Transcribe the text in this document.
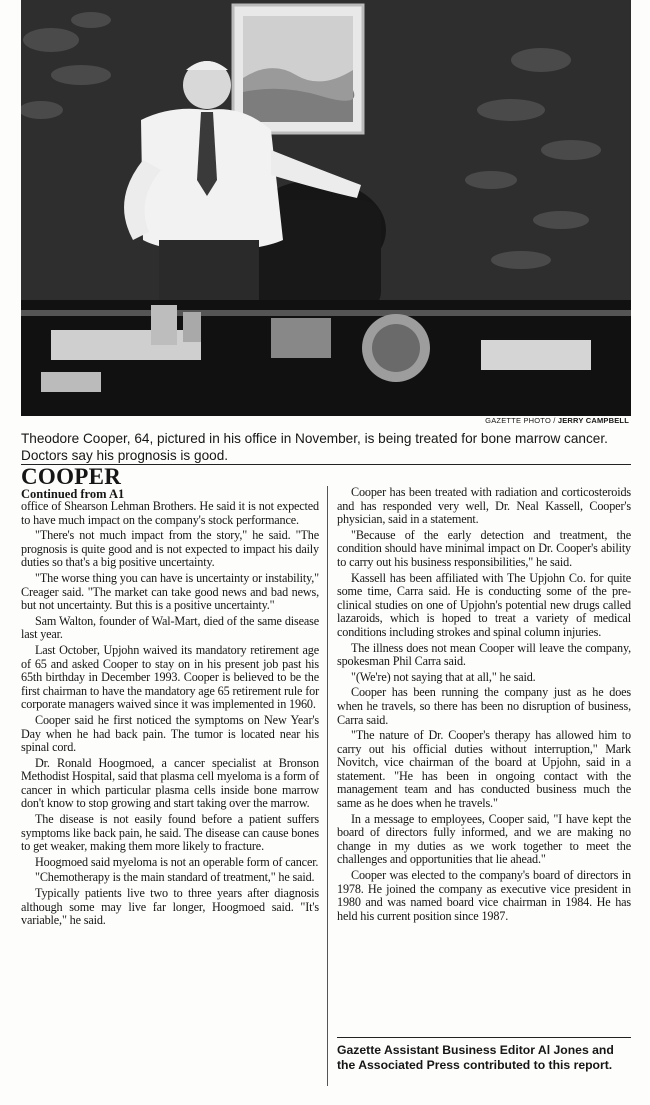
GAZETTE PHOTO / JERRY CAMPBELL
Theodore Cooper, 64, pictured in his office in November, is being treated for bone marrow cancer. Doctors say his prognosis is good.
COOPER
Continued from A1

office of Shearson Lehman Brothers. He said it is not expected to have much impact on the company's stock performance.

"There's not much impact from the story," he said. "The prognosis is quite good and is not expected to impact his daily duties so that's a big positive uncertainty.

"The worse thing you can have is uncertainty or instability," Creager said. "The market can take good news and bad news, but not uncertainty. But this is a positive uncertainty."

Sam Walton, founder of Wal-Mart, died of the same disease last year.

Last October, Upjohn waived its mandatory retirement age of 65 and asked Cooper to stay on in his present job past his 65th birthday in December 1993. Cooper is believed to be the first chairman to have the mandatory age 65 retirement rule for corporate managers waived since it was implemented in 1960.

Cooper said he first noticed the symptoms on New Year's Day when he had back pain. The tumor is located near his spinal cord.

Dr. Ronald Hoogmoed, a cancer specialist at Bronson Methodist Hospital, said that plasma cell myeloma is a form of cancer in which particular plasma cells inside bone marrow don't know to stop growing and start taking over the marrow.

The disease is not easily found before a patient suffers symptoms like back pain, he said. The disease can cause bones to get weaker, making them more likely to fracture.

Hoogmoed said myeloma is not an operable form of cancer.

"Chemotherapy is the main standard of treatment," he said.

Typically patients live two to three years after diagnosis although some may live far longer, Hoogmoed said. "It's variable," he said.

Cooper has been treated with radiation and corticosteroids and has responded very well, Dr. Neal Kassell, Cooper's physician, said in a statement.

"Because of the early detection and treatment, the condition should have minimal impact on Dr. Cooper's ability to carry out his business responsibilities," he said.

Kassell has been affiliated with The Upjohn Co. for quite some time, Carra said. He is conducting some of the pre-clinical studies on one of Upjohn's potential new drugs called lazaroids, which is hoped to treat a variety of medical conditions including strokes and spinal column injuries.

The illness does not mean Cooper will leave the company, spokesman Phil Carra said.

"(We're) not saying that at all," he said.

Cooper has been running the company just as he does when he travels, so there has been no disruption of business, Carra said.

"The nature of Dr. Cooper's therapy has allowed him to carry out his official duties without interruption," Mark Novitch, vice chairman of the board at Upjohn, said in a statement. "He has been in ongoing contact with the management team and has conducted business much the same as he does when he travels."

In a message to employees, Cooper said, "I have kept the board of directors fully informed, and we are making no change in my duties as we work together to meet the challenges and opportunities that lie ahead."

Cooper was elected to the company's board of directors in 1978. He joined the company as executive vice president in 1980 and was named board vice chairman in 1984. He has held his current position since 1987.

Gazette Assistant Business Editor Al Jones and the Associated Press contributed to this report.
